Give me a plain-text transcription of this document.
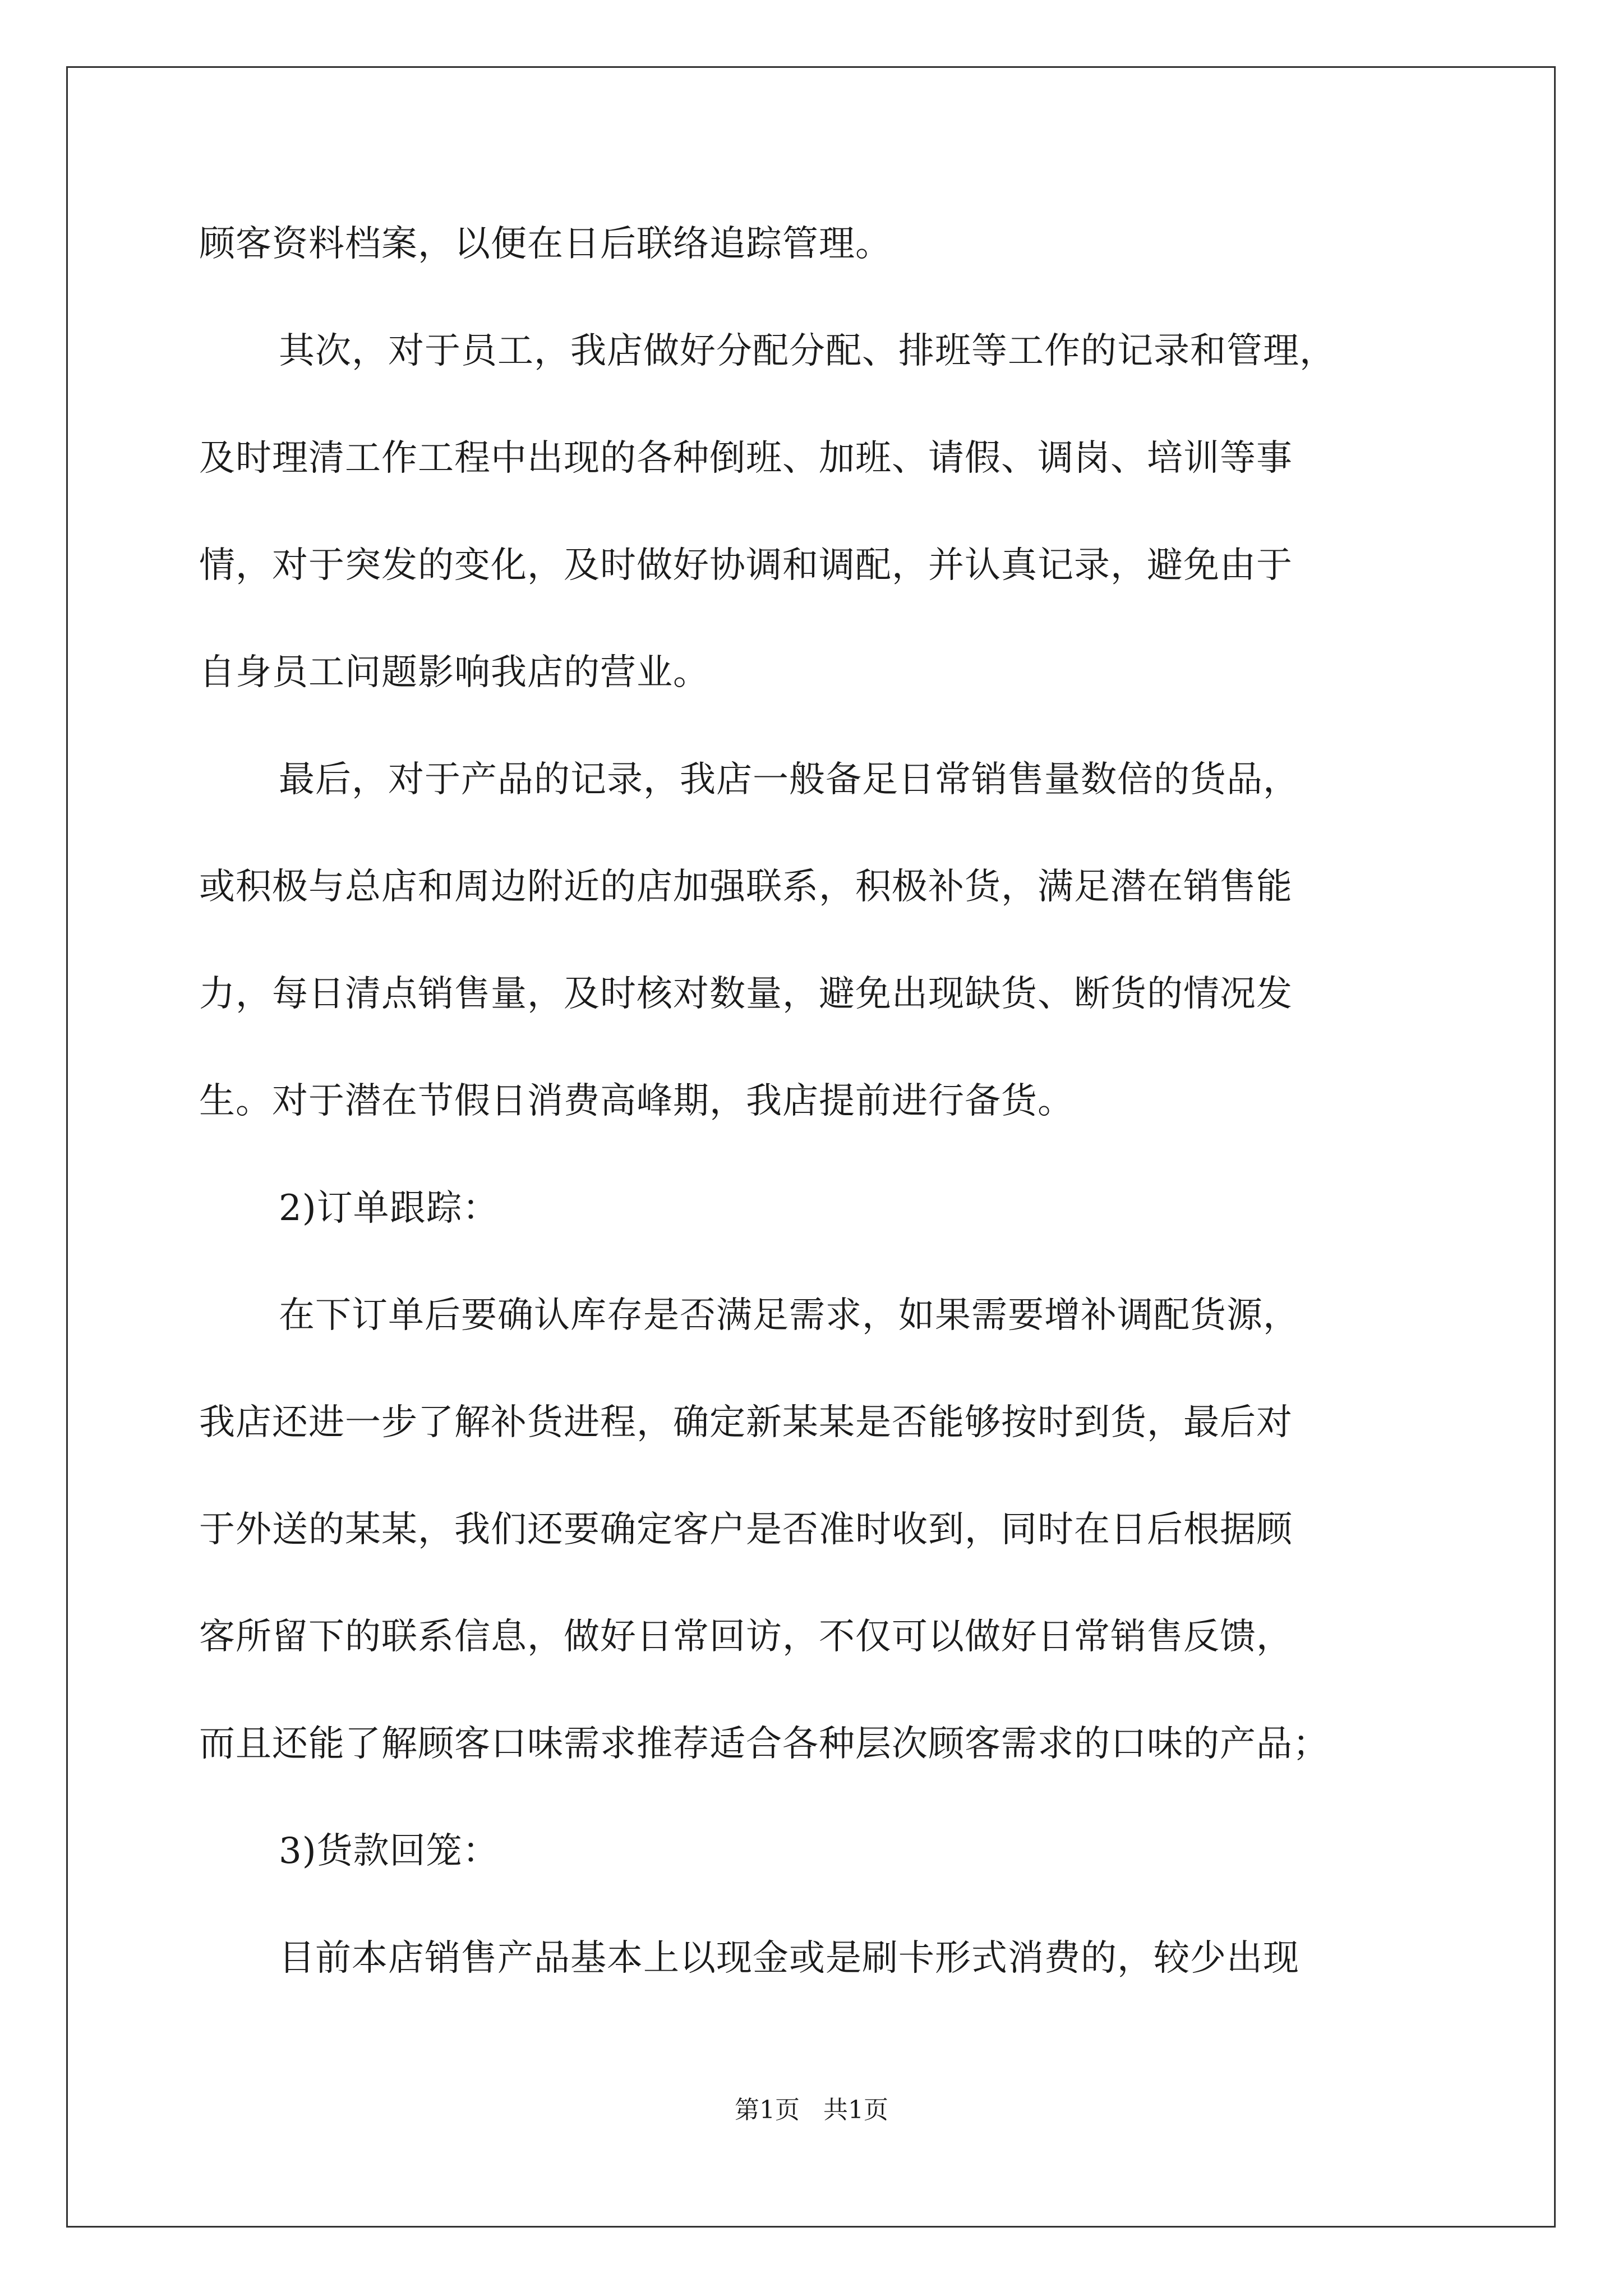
顾客资料档案，以便在日后联络追踪管理。
其次，对于员工，我店做好分配分配、排班等工作的记录和管理，
及时理清工作工程中出现的各种倒班、加班、请假、调岗、培训等事
情，对于突发的变化，及时做好协调和调配，并认真记录，避免由于
自身员工问题影响我店的营业。
最后，对于产品的记录，我店一般备足日常销售量数倍的货品，
或积极与总店和周边附近的店加强联系，积极补货，满足潜在销售能
力，每日清点销售量，及时核对数量，避免出现缺货、断货的情况发
生。对于潜在节假日消费高峰期，我店提前进行备货。
2)订单跟踪：
在下订单后要确认库存是否满足需求，如果需要增补调配货源，
我店还进一步了解补货进程，确定新某某是否能够按时到货，最后对
于外送的某某，我们还要确定客户是否准时收到，同时在日后根据顾
客所留下的联系信息，做好日常回访，不仅可以做好日常销售反馈，
而且还能了解顾客口味需求推荐适合各种层次顾客需求的口味的产品；
3)货款回笼：
目前本店销售产品基本上以现金或是刷卡形式消费的，较少出现
第1页   共1页
